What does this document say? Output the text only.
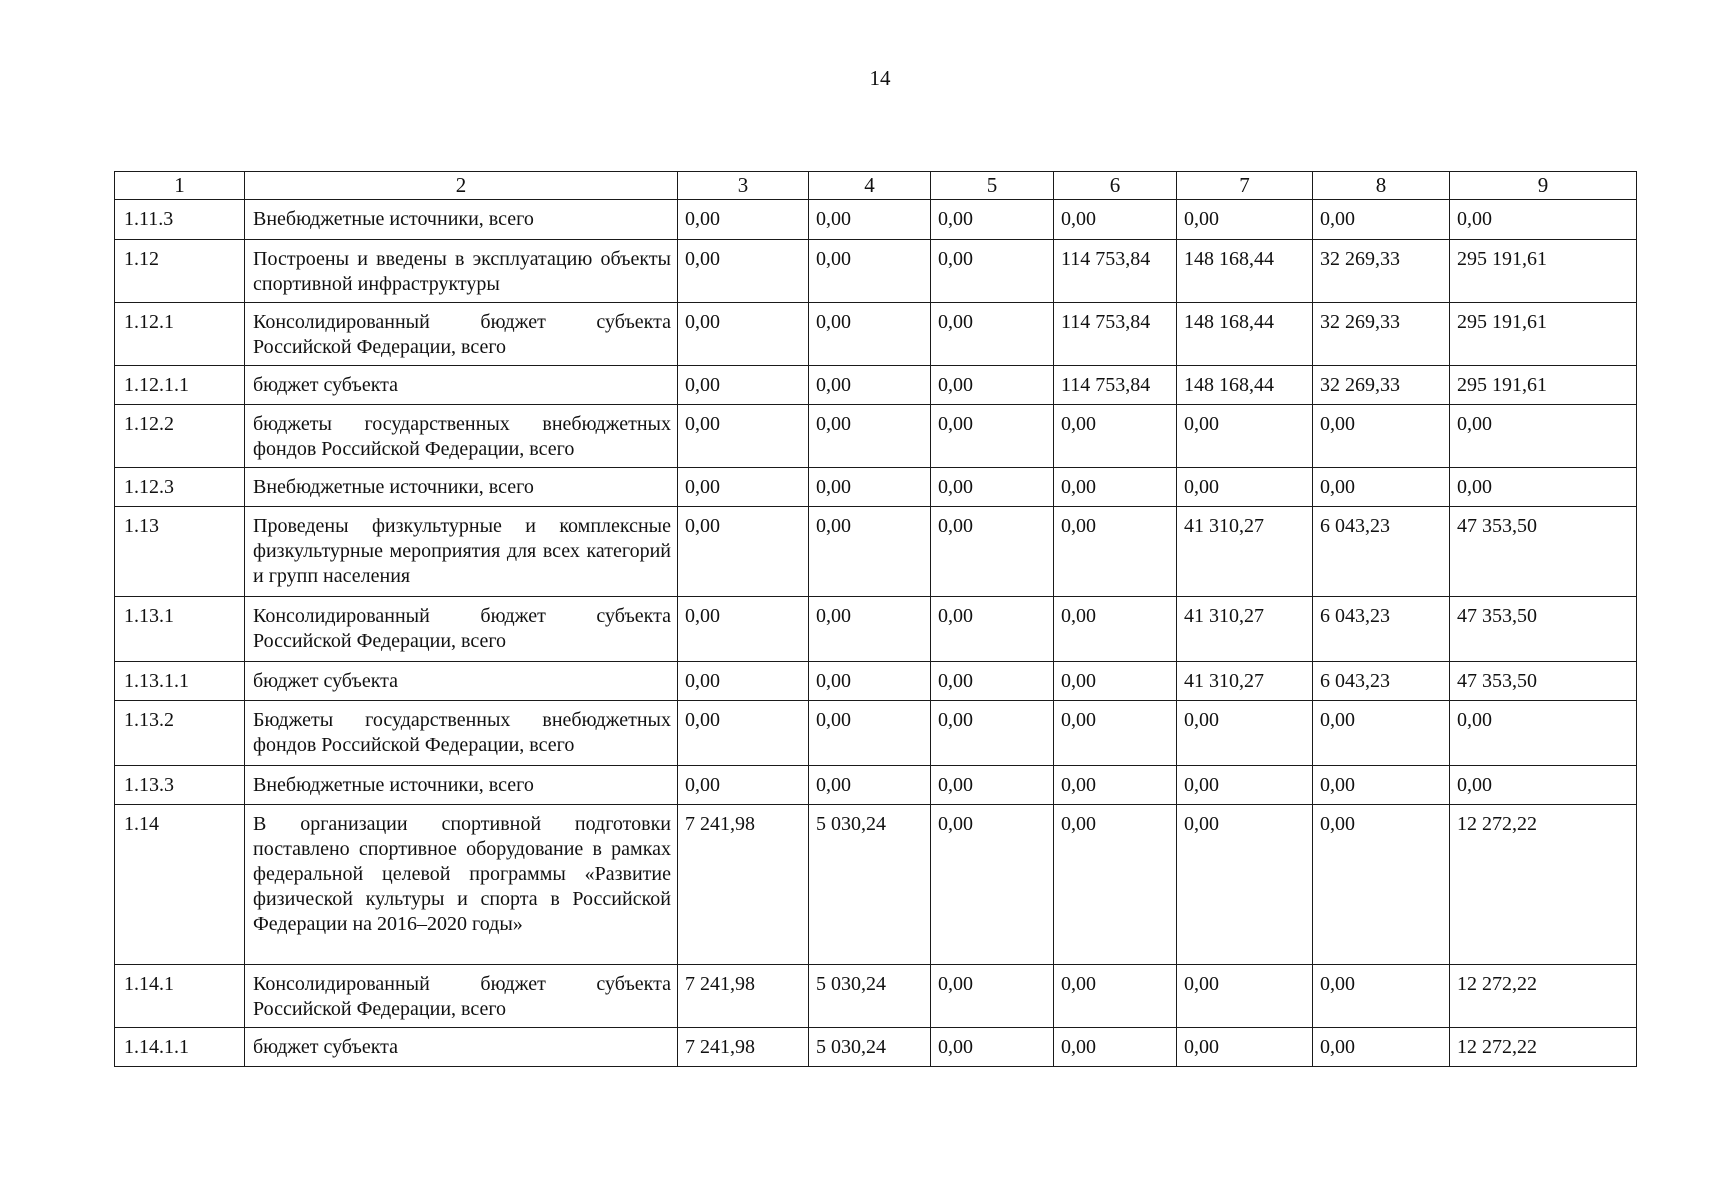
14
1	2	3	4	5	6	7	8	9
1.11.3	Внебюджетные источники, всего	0,00	0,00	0,00	0,00	0,00	0,00	0,00
1.12	Построены и введены в эксплуатацию объекты спортивной инфраструктуры	0,00	0,00	0,00	114 753,84	148 168,44	32 269,33	295 191,61
1.12.1	Консолидированный бюджет субъекта Российской Федерации, всего	0,00	0,00	0,00	114 753,84	148 168,44	32 269,33	295 191,61
1.12.1.1	бюджет субъекта	0,00	0,00	0,00	114 753,84	148 168,44	32 269,33	295 191,61
1.12.2	бюджеты государственных внебюджетных фондов Российской Федерации, всего	0,00	0,00	0,00	0,00	0,00	0,00	0,00
1.12.3	Внебюджетные источники, всего	0,00	0,00	0,00	0,00	0,00	0,00	0,00
1.13	Проведены физкультурные и комплексные физкультурные мероприятия для всех категорий и групп населения	0,00	0,00	0,00	0,00	41 310,27	6 043,23	47 353,50
1.13.1	Консолидированный бюджет субъекта Российской Федерации, всего	0,00	0,00	0,00	0,00	41 310,27	6 043,23	47 353,50
1.13.1.1	бюджет субъекта	0,00	0,00	0,00	0,00	41 310,27	6 043,23	47 353,50
1.13.2	Бюджеты государственных внебюджетных фондов Российской Федерации, всего	0,00	0,00	0,00	0,00	0,00	0,00	0,00
1.13.3	Внебюджетные источники, всего	0,00	0,00	0,00	0,00	0,00	0,00	0,00
1.14	В организации спортивной подготовки поставлено спортивное оборудование в рамках федеральной целевой программы «Развитие физической культуры и спорта в Российской Федерации на 2016–2020 годы»	7 241,98	5 030,24	0,00	0,00	0,00	0,00	12 272,22
1.14.1	Консолидированный бюджет субъекта Российской Федерации, всего	7 241,98	5 030,24	0,00	0,00	0,00	0,00	12 272,22
1.14.1.1	бюджет субъекта	7 241,98	5 030,24	0,00	0,00	0,00	0,00	12 272,22
